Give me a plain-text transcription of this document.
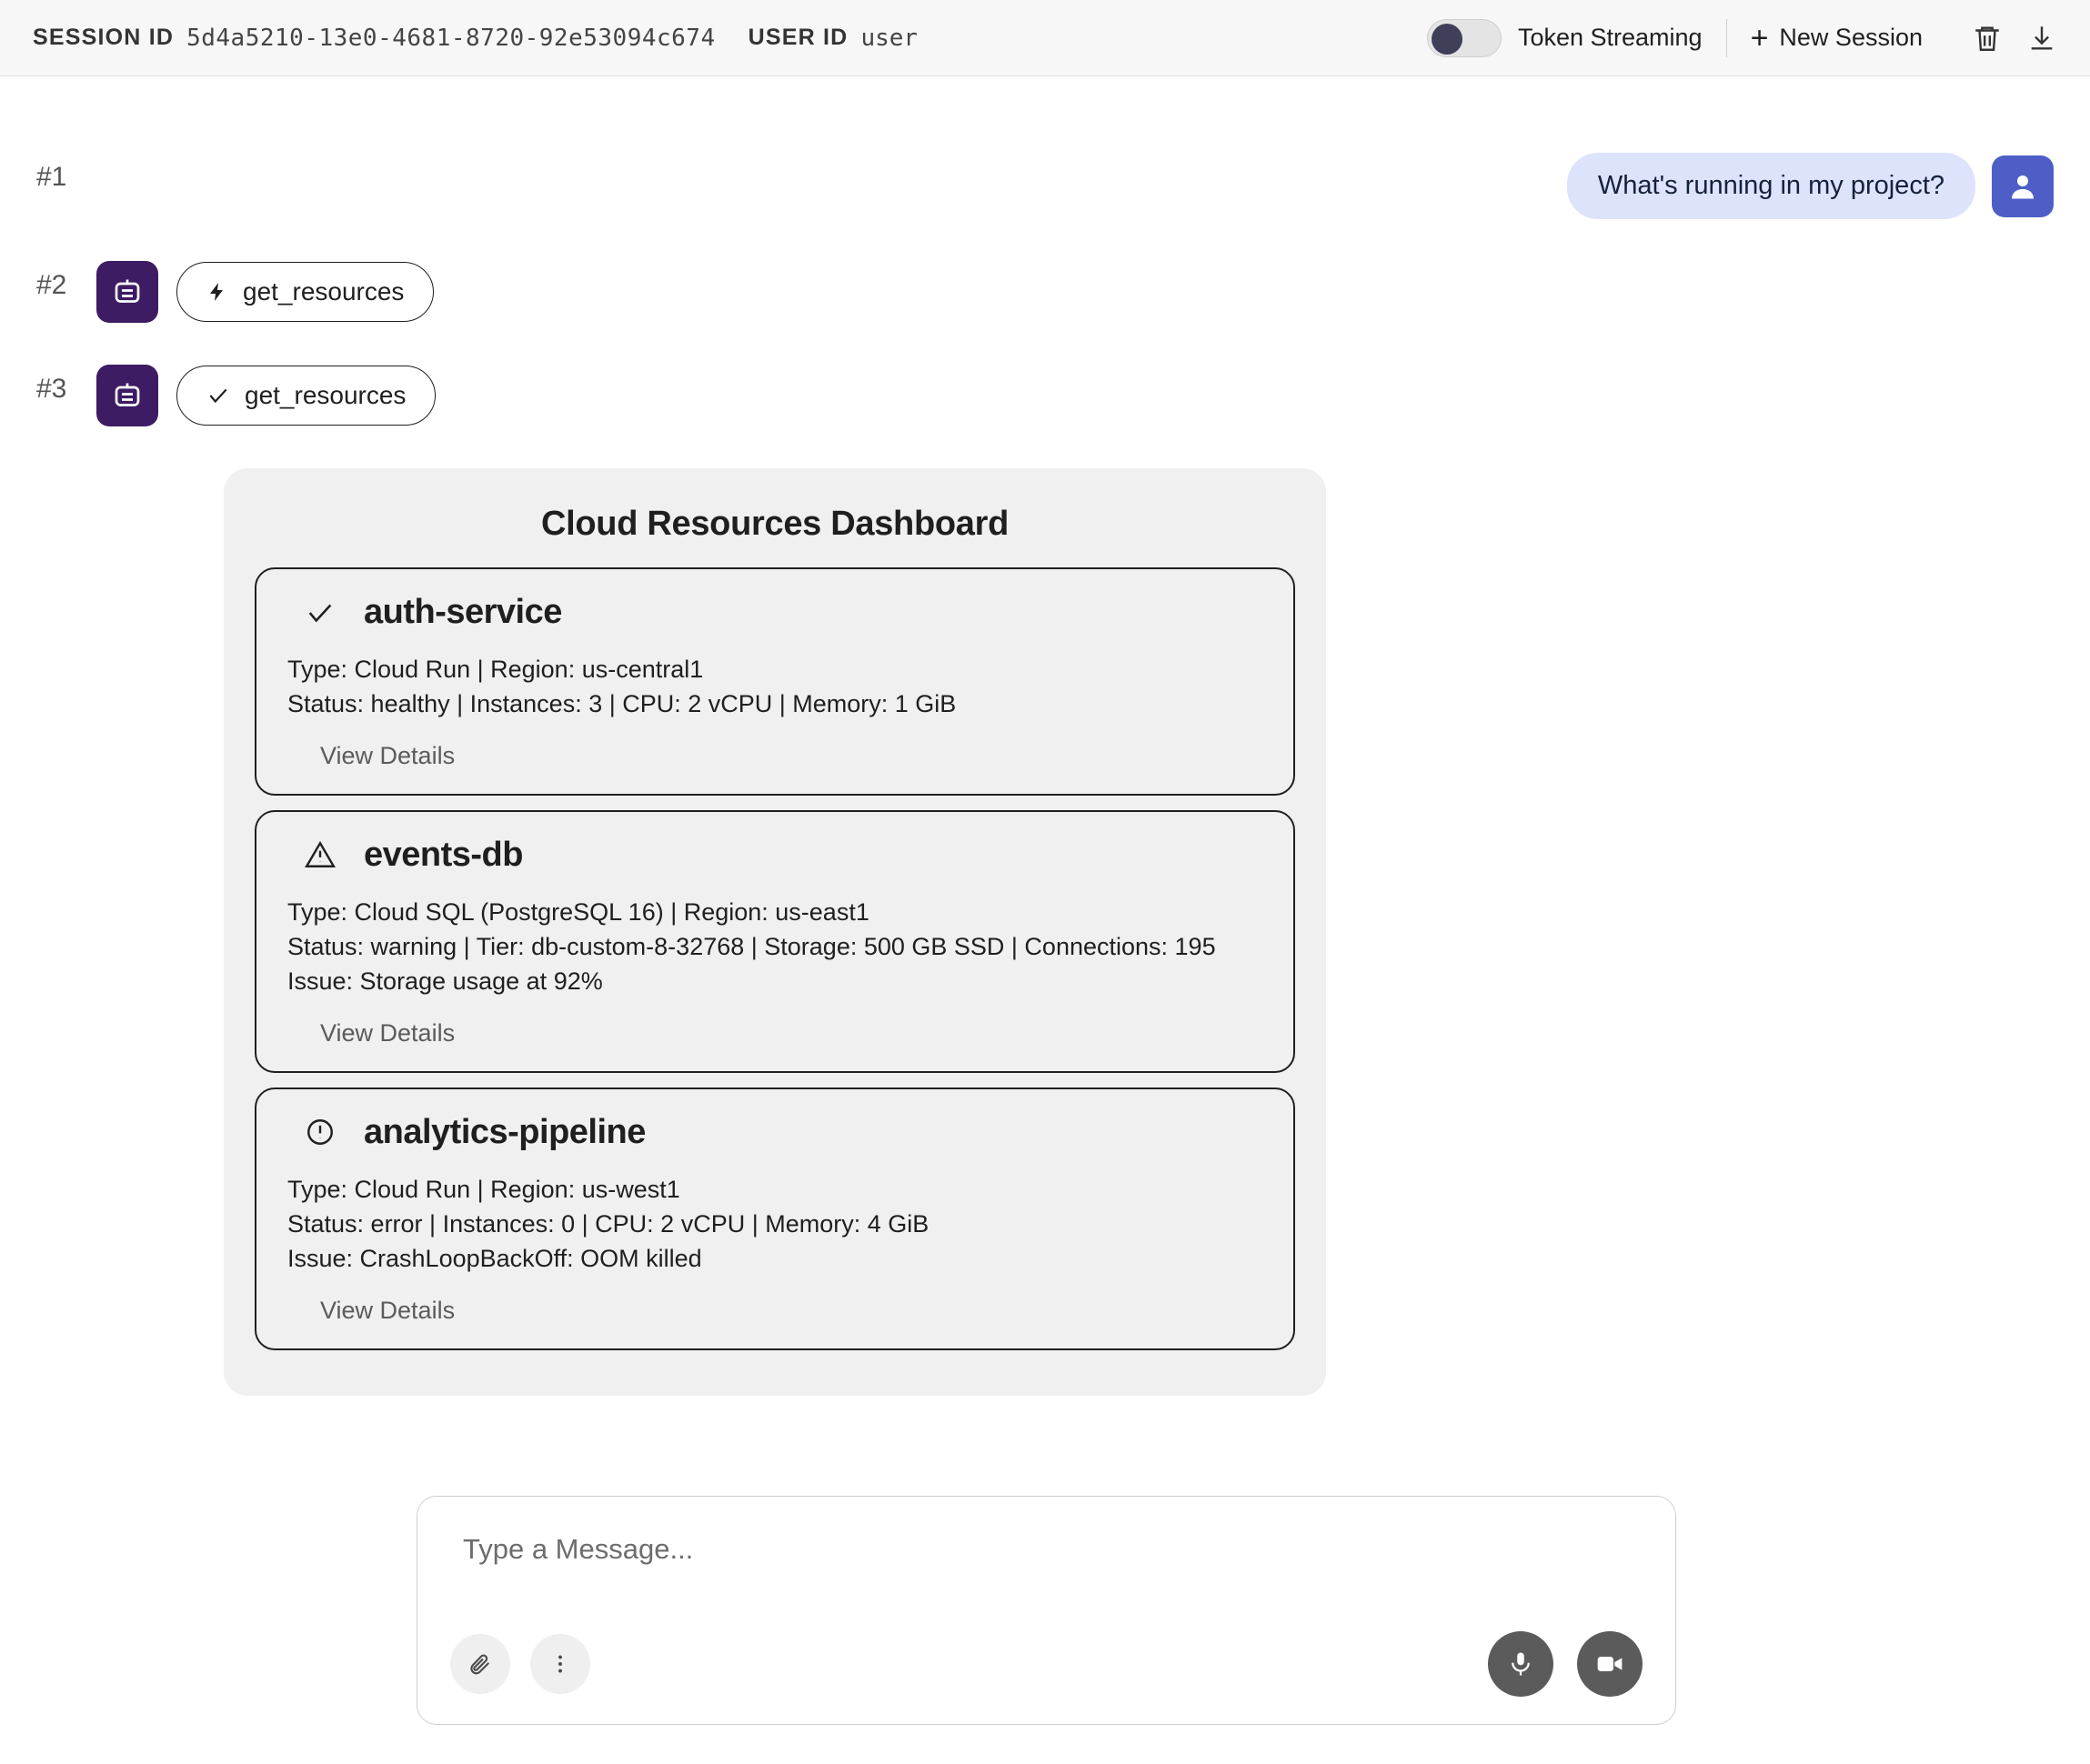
SESSION ID 5d4a5210-13e0-4681-8720-92e53094c674 USER ID user	Token Streaming + New Session
#1	What's running in my project?
#2	get_resources
#3	get_resources
Cloud Resources Dashboard
auth-service
Type: Cloud Run | Region: us-central1
Status: healthy | Instances: 3 | CPU: 2 vCPU | Memory: 1 GiB
View Details
events-db
Type: Cloud SQL (PostgreSQL 16) | Region: us-east1
Status: warning | Tier: db-custom-8-32768 | Storage: 500 GB SSD | Connections: 195
Issue: Storage usage at 92%
View Details
analytics-pipeline
Type: Cloud Run | Region: us-west1
Status: error | Instances: 0 | CPU: 2 vCPU | Memory: 4 GiB
Issue: CrashLoopBackOff: OOM killed
View Details
Type a Message...
